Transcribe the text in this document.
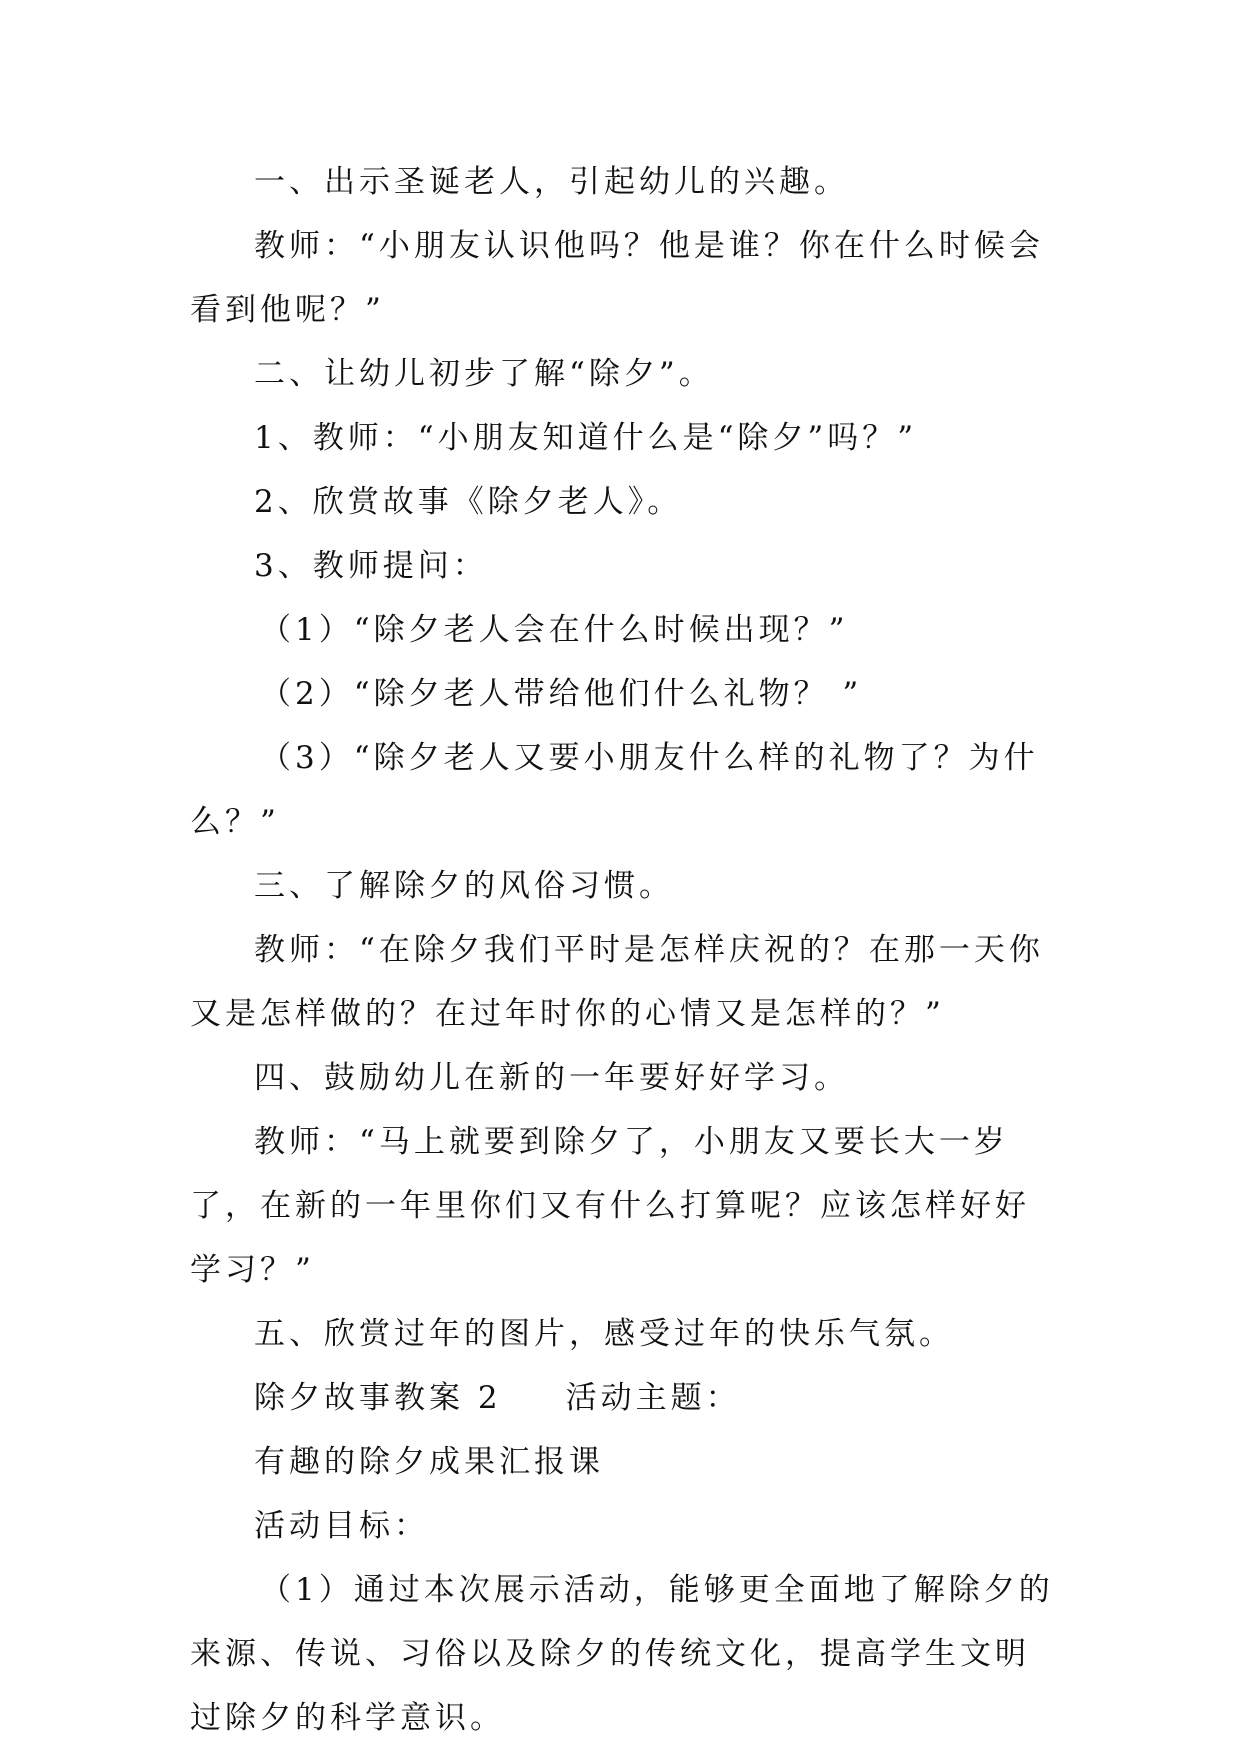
一、出示圣诞老人，引起幼儿的兴趣。

教师：“小朋友认识他吗？他是谁？你在什么时候会看到他呢？”

二、让幼儿初步了解“除夕”。

1、教师：“小朋友知道什么是“除夕”吗？”

2、欣赏故事《除夕老人》。

3、教师提问：

（1）“除夕老人会在什么时候出现？”

（2）“除夕老人带给他们什么礼物？ ”

（3）“除夕老人又要小朋友什么样的礼物了？为什么？”

三、了解除夕的风俗习惯。

教师：“在除夕我们平时是怎样庆祝的？在那一天你又是怎样做的？在过年时你的心情又是怎样的？”

四、鼓励幼儿在新的一年要好好学习。

教师：“马上就要到除夕了，小朋友又要长大一岁了，在新的一年里你们又有什么打算呢？应该怎样好好学习？”

五、欣赏过年的图片，感受过年的快乐气氛。

除夕故事教案 2 活动主题：

有趣的除夕成果汇报课

活动目标：

（1）通过本次展示活动，能够更全面地了解除夕的来源、传说、习俗以及除夕的传统文化，提高学生文明过除夕的科学意识。
